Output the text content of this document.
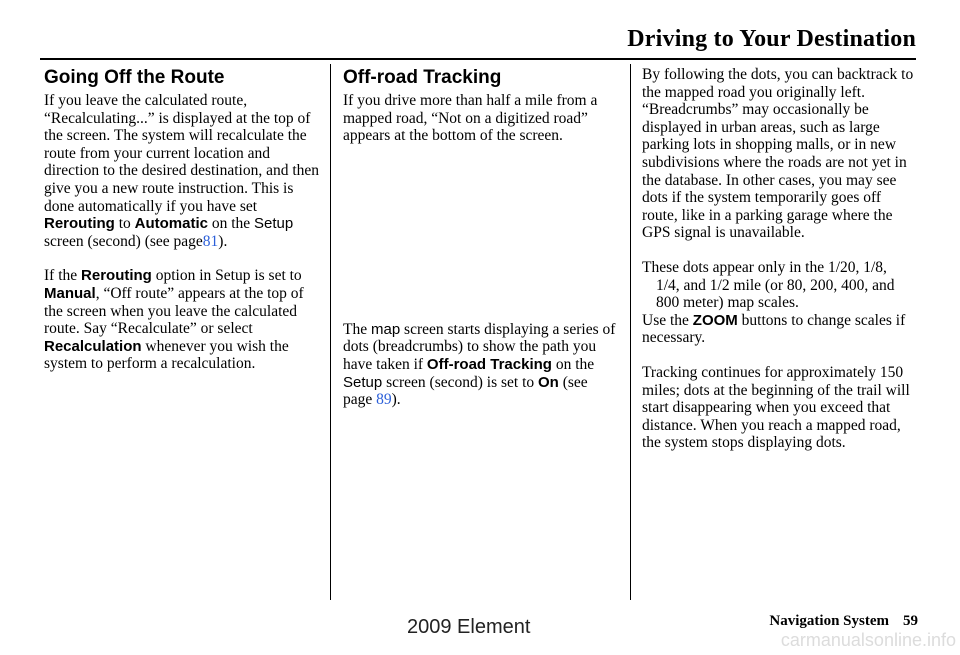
Driving to Your Destination
Going Off the Route

If you leave the calculated route, “Recalculating...” is displayed at the top of the screen. The system will recalculate the route from your current location and direction to the desired destination, and then give you a new route instruction. This is done automatically if you have set Rerouting to Automatic on the Setup screen (second) (see page81).

If the Rerouting option in Setup is set to Manual, “Off route” appears at the top of the screen when you leave the calculated route. Say “Recalculate” or select Recalculation whenever you wish the system to perform a recalculation.

Off-road Tracking

If you drive more than half a mile from a mapped road, “Not on a digitized road” appears at the bottom of the screen.

The map screen starts displaying a series of dots (breadcrumbs) to show the path you have taken if Off-road Tracking on the Setup screen (second) is set to On (see page 89).

By following the dots, you can backtrack to the mapped road you originally left. “Breadcrumbs” may occasionally be displayed in urban areas, such as large parking lots in shopping malls, or in new subdivisions where the roads are not yet in the database. In other cases, you may see dots if the system temporarily goes off route, like in a parking garage where the GPS signal is unavailable.

These dots appear only in the 1/20, 1/8,

1/4, and 1/2 mile (or 80, 200, 400, and 800 meter) map scales.

Use the ZOOM buttons to change scales if necessary.

Tracking continues for approximately 150 miles; dots at the beginning of the trail will start disappearing when you exceed that distance. When you reach a mapped road, the system stops displaying dots.

Navigation System 59
2009 Element
carmanualsonline.info
